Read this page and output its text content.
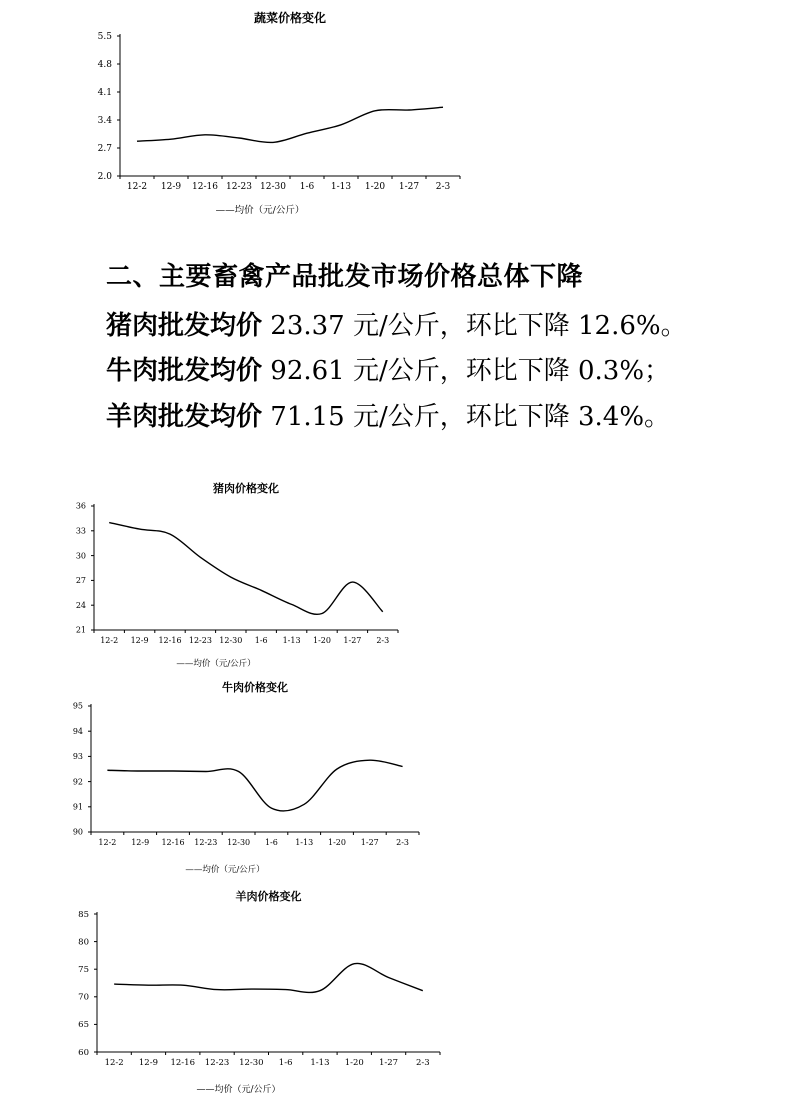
蔬菜价格变化
2.0
2.7
3.4
4.1
4.8
5.5
12-2 12-9 12-16 12-23 12-30 1-6 1-13 1-20 1-27 2-3
——均价（元/公斤）
二、主要畜禽产品批发市场价格总体下降
猪肉批发均价 23.37 元/公斤，环比下降 12.6%。
牛肉批发均价 92.61 元/公斤，环比下降 0.3%；
羊肉批发均价 71.15 元/公斤，环比下降 3.4%。
猪肉价格变化
21
24
27
30
33
36
12-2 12-9 12-16 12-23 12-30 1-6 1-13 1-20 1-27 2-3
——均价（元/公斤）
牛肉价格变化
90
91
92
93
94
95
12-2 12-9 12-16 12-23 12-30 1-6 1-13 1-20 1-27 2-3
——均价（元/公斤）
羊肉价格变化
60
65
70
75
80
85
12-2 12-9 12-16 12-23 12-30 1-6 1-13 1-20 1-27 2-3
——均价（元/公斤）
